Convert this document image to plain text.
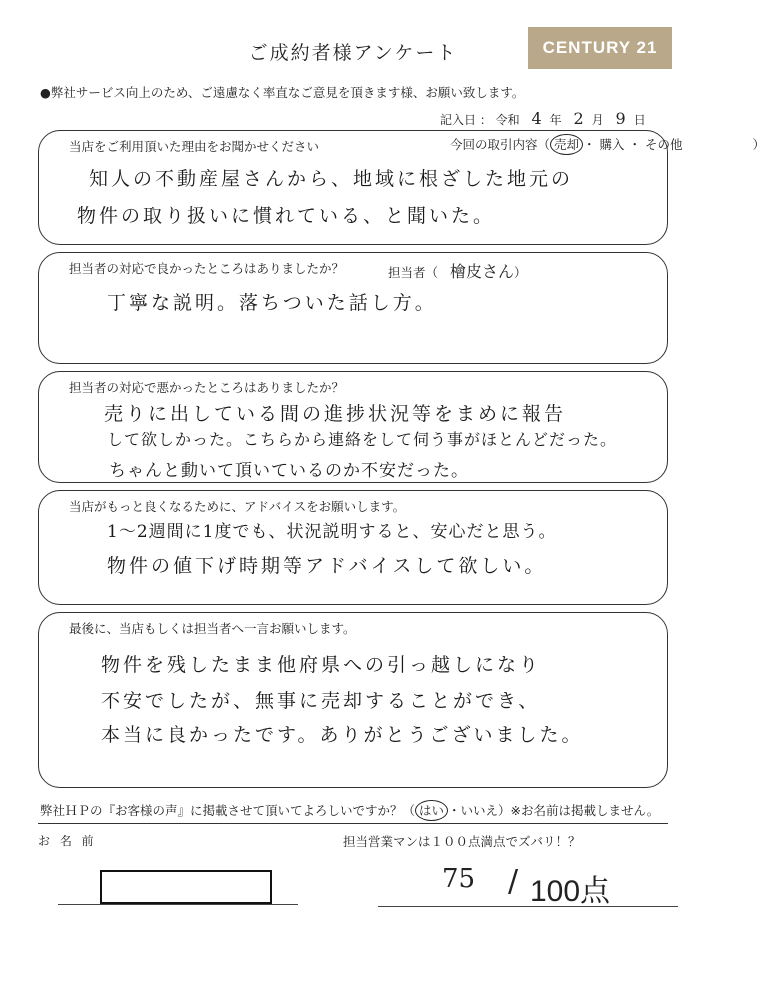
ご成約者様アンケート	CENTURY 21
●弊社サービス向上のため、ご遠慮なく率直なご意見を頂きます様、お願い致します。
記入日 ： 令和 4 年 2 月 9 日
当店をご利用頂いた理由をお聞かせください	今回の取引内容（ 売却 ・ 購入 ・ その他	）
知人の不動産屋さんから、地域に根ざした地元の
物件の取り扱いに慣れている、と聞いた。
担当者の対応で良かったところはありましたか？	担当者（ 檜皮さん）
丁寧な説明。落ちついた話し方。
担当者の対応で悪かったところはありましたか？
売りに出している間の進捗状況等をまめに報告
して欲しかった。こちらから連絡をして伺う事がほとんどだった。
ちゃんと動いて頂いているのか不安だった。
当店がもっと良くなるために、アドバイスをお願いします。
1～2週間に1度でも、状況説明すると、安心だと思う。
物件の値下げ時期等アドバイスして欲しい。
最後に、当店もしくは担当者へ一言お願いします。
物件を残したまま他府県への引っ越しになり
不安でしたが、無事に売却することができ、
本当に良かったです。ありがとうございました。
弊社ＨＰの『お客様の声』に掲載させて頂いてよろしいですか？（ はい ・いいえ）※お名前は掲載しません。
お 名 前	担当営業マンは１００点満点でズバリ！？
75 / 100点
